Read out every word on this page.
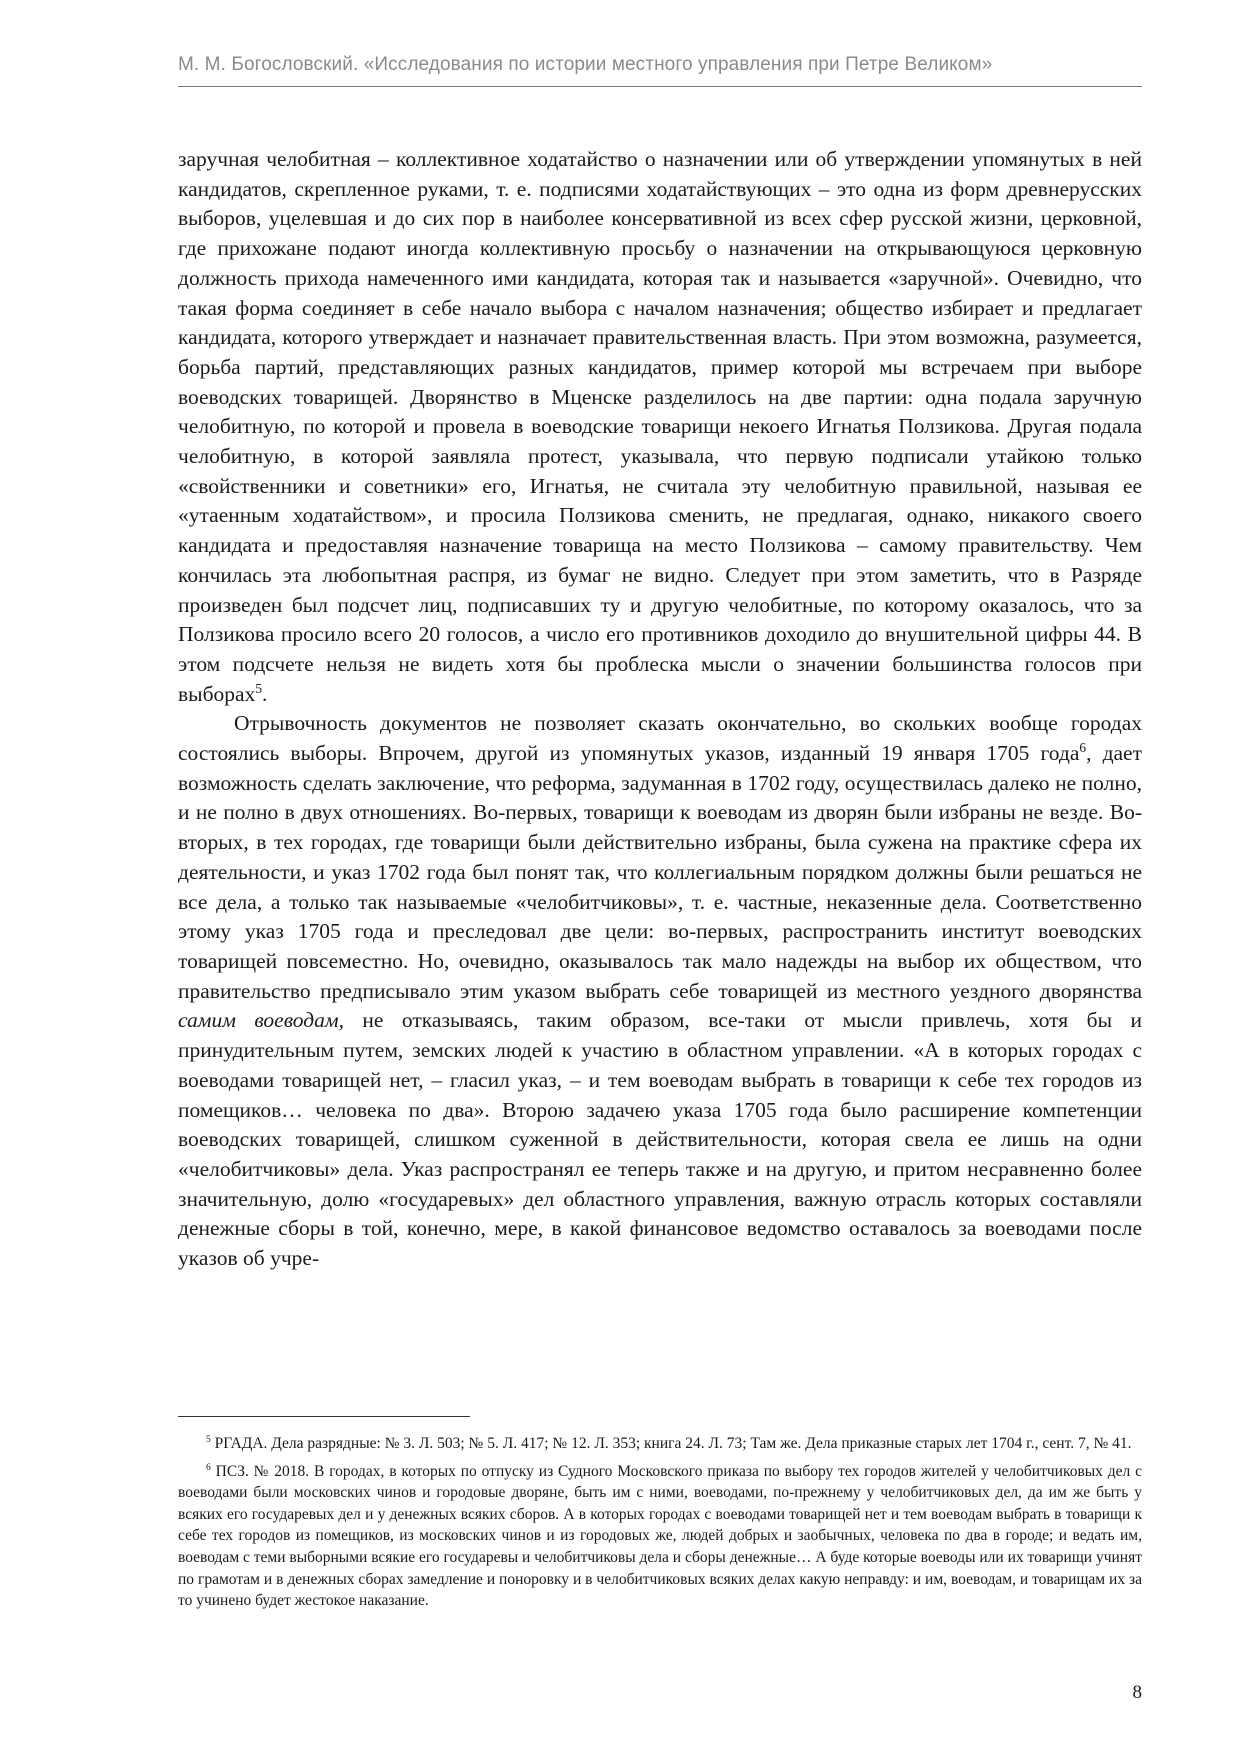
М. М. Богословский. «Исследования по истории местного управления при Петре Великом»

заручная челобитная – коллективное ходатайство о назначении или об утверждении упомянутых в ней кандидатов, скрепленное руками, т. е. подписями ходатайствующих – это одна из форм древнерусских выборов, уцелевшая и до сих пор в наиболее консервативной из всех сфер русской жизни, церковной, где прихожане подают иногда коллективную просьбу о назначении на открывающуюся церковную должность прихода намеченного ими кандидата, которая так и называется «заручной». Очевидно, что такая форма соединяет в себе начало выбора с началом назначения; общество избирает и предлагает кандидата, которого утверждает и назначает правительственная власть. При этом возможна, разумеется, борьба партий, представляющих разных кандидатов, пример которой мы встречаем при выборе воеводских товарищей. Дворянство в Мценске разделилось на две партии: одна подала заручную челобитную, по которой и провела в воеводские товарищи некоего Игнатья Ползикова. Другая подала челобитную, в которой заявляла протест, указывала, что первую подписали утайкою только «свойственники и советники» его, Игнатья, не считала эту челобитную правильной, называя ее «утаенным ходатайством», и просила Ползикова сменить, не предлагая, однако, никакого своего кандидата и предоставляя назначение товарища на место Ползикова – самому правительству. Чем кончилась эта любопытная распря, из бумаг не видно. Следует при этом заметить, что в Разряде произведен был подсчет лиц, подписавших ту и другую челобитные, по которому оказалось, что за Ползикова просило всего 20 голосов, а число его противников доходило до внушительной цифры 44. В этом подсчете нельзя не видеть хотя бы проблеска мысли о значении большинства голосов при выборах$^5$.

Отрывочность документов не позволяет сказать окончательно, во скольких вообще городах состоялись выборы. Впрочем, другой из упомянутых указов, изданный 19 января 1705 года$^6$, дает возможность сделать заключение, что реформа, задуманная в 1702 году, осуществилась далеко не полно, и не полно в двух отношениях. Во-первых, товарищи к воеводам из дворян были избраны не везде. Во-вторых, в тех городах, где товарищи были действительно избраны, была сужена на практике сфера их деятельности, и указ 1702 года был понят так, что коллегиальным порядком должны были решаться не все дела, а только так называемые «челобитчиковы», т. е. частные, неказенные дела. Соответственно этому указ 1705 года и преследовал две цели: во-первых, распространить институт воеводских товарищей повсеместно. Но, очевидно, оказывалось так мало надежды на выбор их обществом, что правительство предписывало этим указом выбрать себе товарищей из местного уездного дворянства самим воеводам, не отказываясь, таким образом, все-таки от мысли привлечь, хотя бы и принудительным путем, земских людей к участию в областном управлении. «А в которых городах с воеводами товарищей нет, – гласил указ, – и тем воеводам выбрать в товарищи к себе тех городов из помещиков… человека по два». Второю задачею указа 1705 года было расширение компетенции воеводских товарищей, слишком суженной в действительности, которая свела ее лишь на одни «челобитчиковы» дела. Указ распространял ее теперь также и на другую, и притом несравненно более значительную, долю «государевых» дел областного управления, важную отрасль которых составляли денежные сборы в той, конечно, мере, в какой финансовое ведомство оставалось за воеводами после указов об учре-

$^5$ РГАДА. Дела разрядные: № 3. Л. 503; № 5. Л. 417; № 12. Л. 353; книга 24. Л. 73; Там же. Дела приказные старых лет 1704 г., сент. 7, № 41.

$^6$ ПСЗ. № 2018. В городах, в которых по отпуску из Судного Московского приказа по выбору тех городов жителей у челобитчиковых дел с воеводами были московских чинов и городовые дворяне, быть им с ними, воеводами, по-прежнему у челобитчиковых дел, да им же быть у всяких его государевых дел и у денежных всяких сборов. А в которых городах с воеводами товарищей нет и тем воеводам выбрать в товарищи к себе тех городов из помещиков, из московских чинов и из городовых же, людей добрых и заобычных, человека по два в городе; и ведать им, воеводам с теми выборными всякие его государевы и челобитчиковы дела и сборы денежные… А буде которые воеводы или их товарищи учинят по грамотам и в денежных сборах замедление и поноровку и в челобитчиковых всяких делах какую неправду: и им, воеводам, и товарищам их за то учинено будет жестокое наказание.

8
